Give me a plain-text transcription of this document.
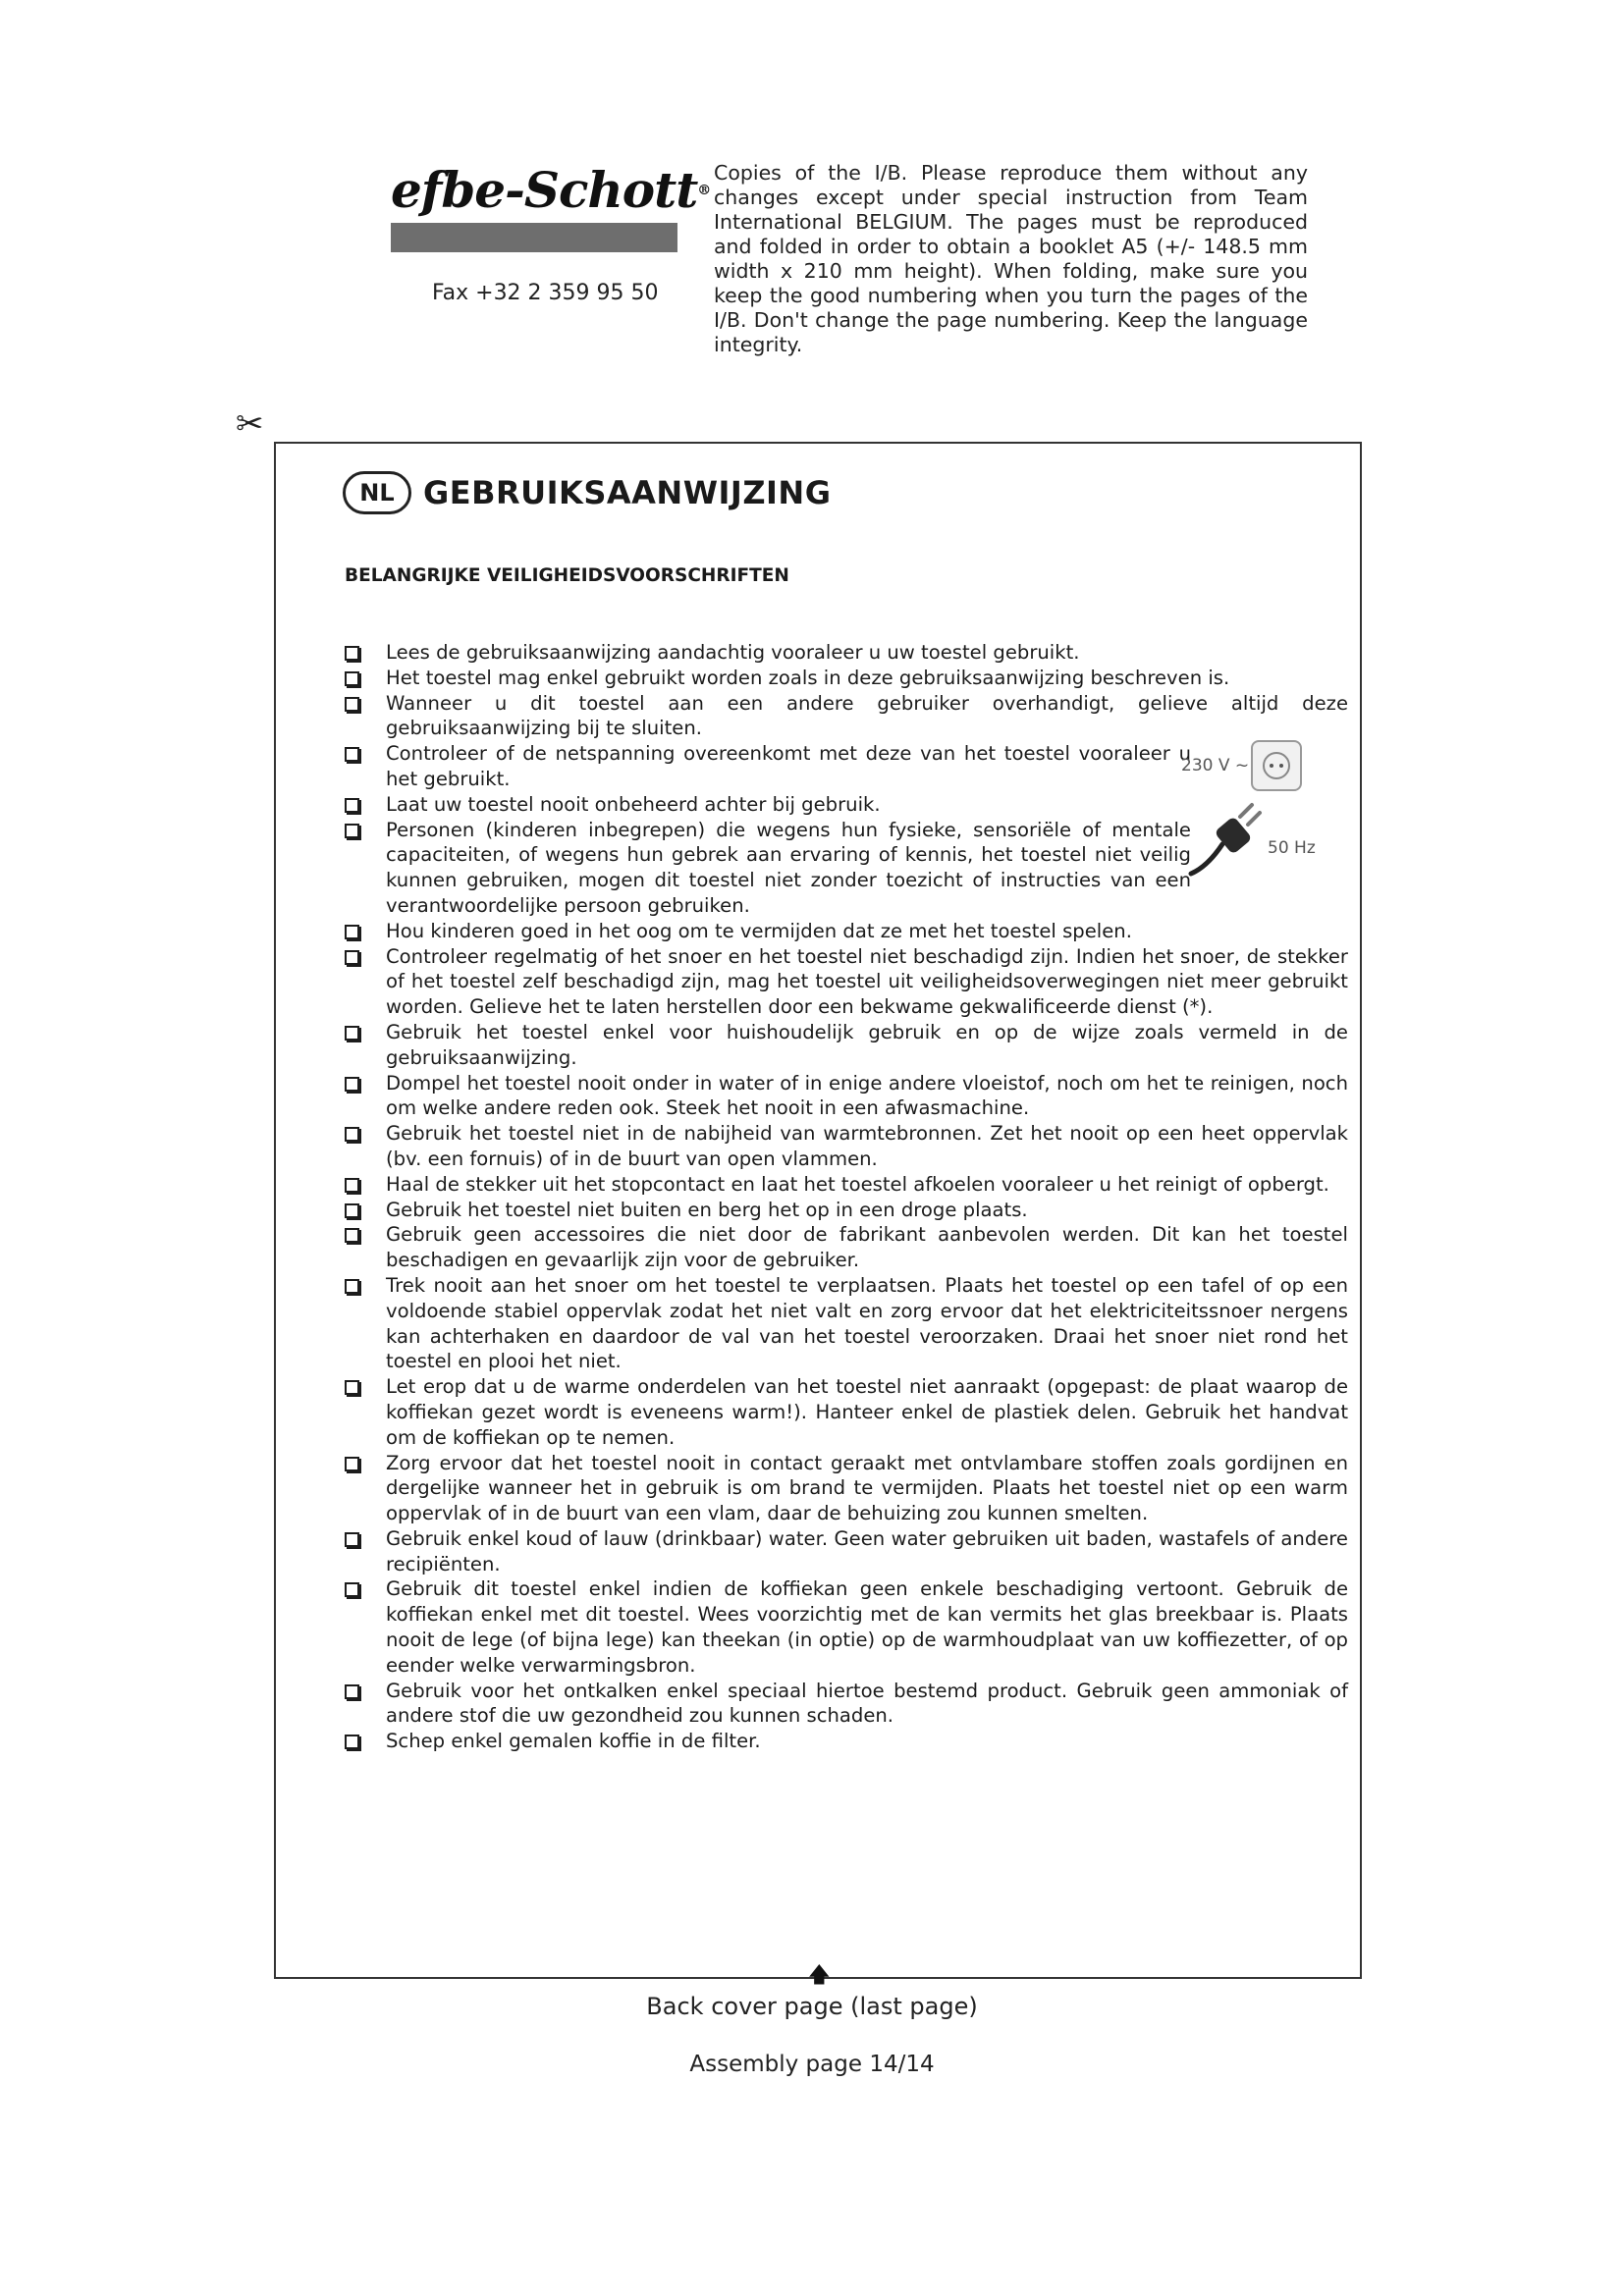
efbe-Schott®
Fax +32 2 359 95 50
Copies of the I/B. Please reproduce them without any changes except under special instruction from Team International BELGIUM. The pages must be reproduced and folded in order to obtain a booklet A5 (+/- 148.5 mm width x 210 mm height). When folding, make sure you keep the good numbering when you turn the pages of the I/B. Don't change the page numbering. Keep the language integrity.
✂
NL GEBRUIKSAANWIJZING
BELANGRIJKE VEILIGHEIDSVOORSCHRIFTEN
Lees de gebruiksaanwijzing aandachtig vooraleer u uw toestel gebruikt.
Het toestel mag enkel gebruikt worden zoals in deze gebruiksaanwijzing beschreven is.
Wanneer u dit toestel aan een andere gebruiker overhandigt, gelieve altijd deze gebruiksaanwijzing bij te sluiten.
Controleer of de netspanning overeenkomt met deze van het toestel vooraleer u het gebruikt.
Laat uw toestel nooit onbeheerd achter bij gebruik.
Personen (kinderen inbegrepen) die wegens hun fysieke, sensoriële of mentale capaciteiten, of wegens hun gebrek aan ervaring of kennis, het toestel niet veilig kunnen gebruiken, mogen dit toestel niet zonder toezicht of instructies van een verantwoordelijke persoon gebruiken.
Hou kinderen goed in het oog om te vermijden dat ze met het toestel spelen.
Controleer regelmatig of het snoer en het toestel niet beschadigd zijn. Indien het snoer, de stekker of het toestel zelf beschadigd zijn, mag het toestel uit veiligheidsoverwegingen niet meer gebruikt worden. Gelieve het te laten herstellen door een bekwame gekwalificeerde dienst (*).
Gebruik het toestel enkel voor huishoudelijk gebruik en op de wijze zoals vermeld in de gebruiksaanwijzing.
Dompel het toestel nooit onder in water of in enige andere vloeistof, noch om het te reinigen, noch om welke andere reden ook. Steek het nooit in een afwasmachine.
Gebruik het toestel niet in de nabijheid van warmtebronnen. Zet het nooit op een heet oppervlak (bv. een fornuis) of in de buurt van open vlammen.
Haal de stekker uit het stopcontact en laat het toestel afkoelen vooraleer u het reinigt of opbergt.
Gebruik het toestel niet buiten en berg het op in een droge plaats.
Gebruik geen accessoires die niet door de fabrikant aanbevolen werden. Dit kan het toestel beschadigen en gevaarlijk zijn voor de gebruiker.
Trek nooit aan het snoer om het toestel te verplaatsen. Plaats het toestel op een tafel of op een voldoende stabiel oppervlak zodat het niet valt en zorg ervoor dat het elektriciteitssnoer nergens kan achterhaken en daardoor de val van het toestel veroorzaken. Draai het snoer niet rond het toestel en plooi het niet.
Let erop dat u de warme onderdelen van het toestel niet aanraakt (opgepast: de plaat waarop de koffiekan gezet wordt is eveneens warm!). Hanteer enkel de plastiek delen. Gebruik het handvat om de koffiekan op te nemen.
Zorg ervoor dat het toestel nooit in contact geraakt met ontvlambare stoffen zoals gordijnen en dergelijke wanneer het in gebruik is om brand te vermijden. Plaats het toestel niet op een warm oppervlak of in de buurt van een vlam, daar de behuizing zou kunnen smelten.
Gebruik enkel koud of lauw (drinkbaar) water. Geen water gebruiken uit baden, wastafels of andere recipiënten.
Gebruik dit toestel enkel indien de koffiekan geen enkele beschadiging vertoont. Gebruik de koffiekan enkel met dit toestel. Wees voorzichtig met de kan vermits het glas breekbaar is. Plaats nooit de lege (of bijna lege) kan theekan (in optie) op de warmhoudplaat van uw koffiezetter, of op eender welke verwarmingsbron.
Gebruik voor het ontkalken enkel speciaal hiertoe bestemd product. Gebruik geen ammoniak of andere stof die uw gezondheid zou kunnen schaden.
Schep enkel gemalen koffie in de filter.
230 V ~
50 Hz
🡅
Back cover page (last page)
Assembly page 14/14
